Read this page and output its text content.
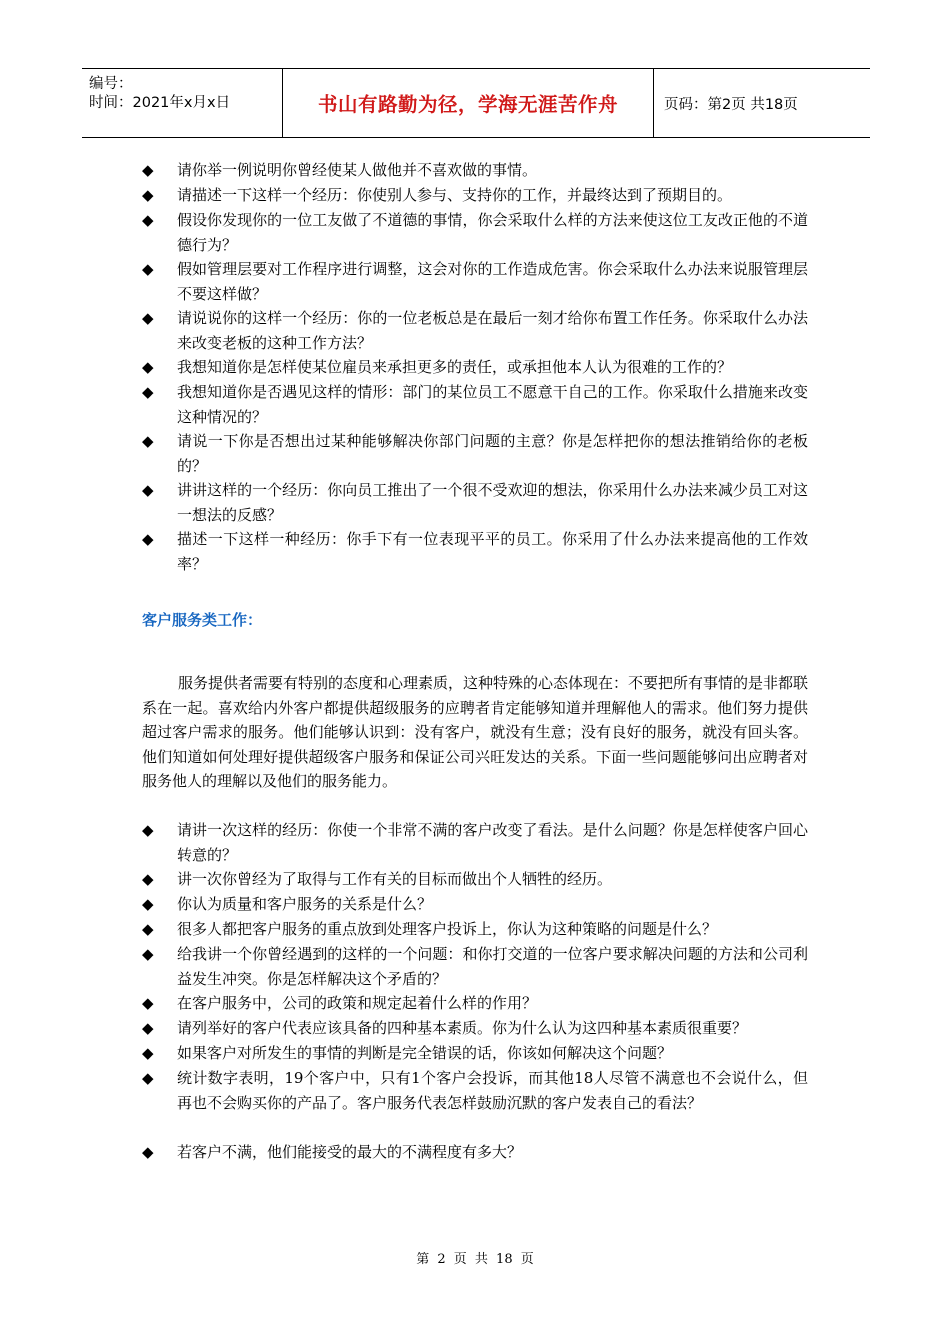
编号：
时间：2021年x月x日	书山有路勤为径，学海无涯苦作舟	页码：第2页 共18页
◆ 请你举一例说明你曾经使某人做他并不喜欢做的事情。
◆ 请描述一下这样一个经历：你使别人参与、支持你的工作，并最终达到了预期目的。
◆ 假设你发现你的一位工友做了不道德的事情，你会采取什么样的方法来使这位工友改正他的不道德行为？
◆ 假如管理层要对工作程序进行调整，这会对你的工作造成危害。你会采取什么办法来说服管理层不要这样做？
◆ 请说说你的这样一个经历：你的一位老板总是在最后一刻才给你布置工作任务。你采取什么办法来改变老板的这种工作方法？
◆ 我想知道你是怎样使某位雇员来承担更多的责任，或承担他本人认为很难的工作的？
◆ 我想知道你是否遇见这样的情形：部门的某位员工不愿意干自己的工作。你采取什么措施来改变这种情况的？
◆ 请说一下你是否想出过某种能够解决你部门问题的主意？你是怎样把你的想法推销给你的老板的？
◆ 讲讲这样的一个经历：你向员工推出了一个很不受欢迎的想法，你采用什么办法来减少员工对这一想法的反感？
◆ 描述一下这样一种经历：你手下有一位表现平平的员工。你采用了什么办法来提高他的工作效率？
客户服务类工作：
服务提供者需要有特别的态度和心理素质，这种特殊的心态体现在：不要把所有事情的是非都联系在一起。喜欢给内外客户都提供超级服务的应聘者肯定能够知道并理解他人的需求。他们努力提供超过客户需求的服务。他们能够认识到：没有客户，就没有生意；没有良好的服务，就没有回头客。他们知道如何处理好提供超级客户服务和保证公司兴旺发达的关系。下面一些问题能够问出应聘者对服务他人的理解以及他们的服务能力。
◆ 请讲一次这样的经历：你使一个非常不满的客户改变了看法。是什么问题？你是怎样使客户回心转意的？
◆ 讲一次你曾经为了取得与工作有关的目标而做出个人牺牲的经历。
◆ 你认为质量和客户服务的关系是什么？
◆ 很多人都把客户服务的重点放到处理客户投诉上，你认为这种策略的问题是什么？
◆ 给我讲一个你曾经遇到的这样的一个问题：和你打交道的一位客户要求解决问题的方法和公司利益发生冲突。你是怎样解决这个矛盾的？
◆ 在客户服务中，公司的政策和规定起着什么样的作用？
◆ 请列举好的客户代表应该具备的四种基本素质。你为什么认为这四种基本素质很重要？
◆ 如果客户对所发生的事情的判断是完全错误的话，你该如何解决这个问题？
◆ 统计数字表明，19个客户中，只有1个客户会投诉，而其他18人尽管不满意也不会说什么，但再也不会购买你的产品了。客户服务代表怎样鼓励沉默的客户发表自己的看法？
◆ 若客户不满，他们能接受的最大的不满程度有多大？
第 2 页 共 18 页
